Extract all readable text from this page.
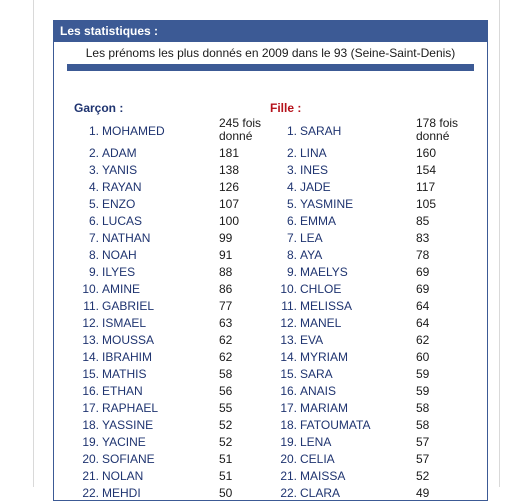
Les statistiques :
Les prénoms les plus donnés en 2009 dans le 93 (Seine-Saint-Denis)
Garçon :	Fille :
1. MOHAMED
245 fois donné
2. ADAM	181
3. YANIS	138
4. RAYAN	126
5. ENZO	107
6. LUCAS	100
7. NATHAN	99
8. NOAH	91
9. ILYES	88
10. AMINE	86
11. GABRIEL	77
12. ISMAEL	63
13. MOUSSA	62
14. IBRAHIM	62
15. MATHIS	58
16. ETHAN	56
17. RAPHAEL	55
18. YASSINE	52
19. YACINE	52
20. SOFIANE	51
21. NOLAN	51
22. MEHDI	50
1. SARAH
178 fois donné
2. LINA	160
3. INES	154
4. JADE	117
5. YASMINE	105
6. EMMA	85
7. LEA	83
8. AYA	78
9. MAELYS	69
10. CHLOE	69
11. MELISSA	64
12. MANEL	64
13. EVA	62
14. MYRIAM	60
15. SARA	59
16. ANAIS	59
17. MARIAM	58
18. FATOUMATA	58
19. LENA	57
20. CELIA	57
21. MAISSA	52
22. CLARA	49
